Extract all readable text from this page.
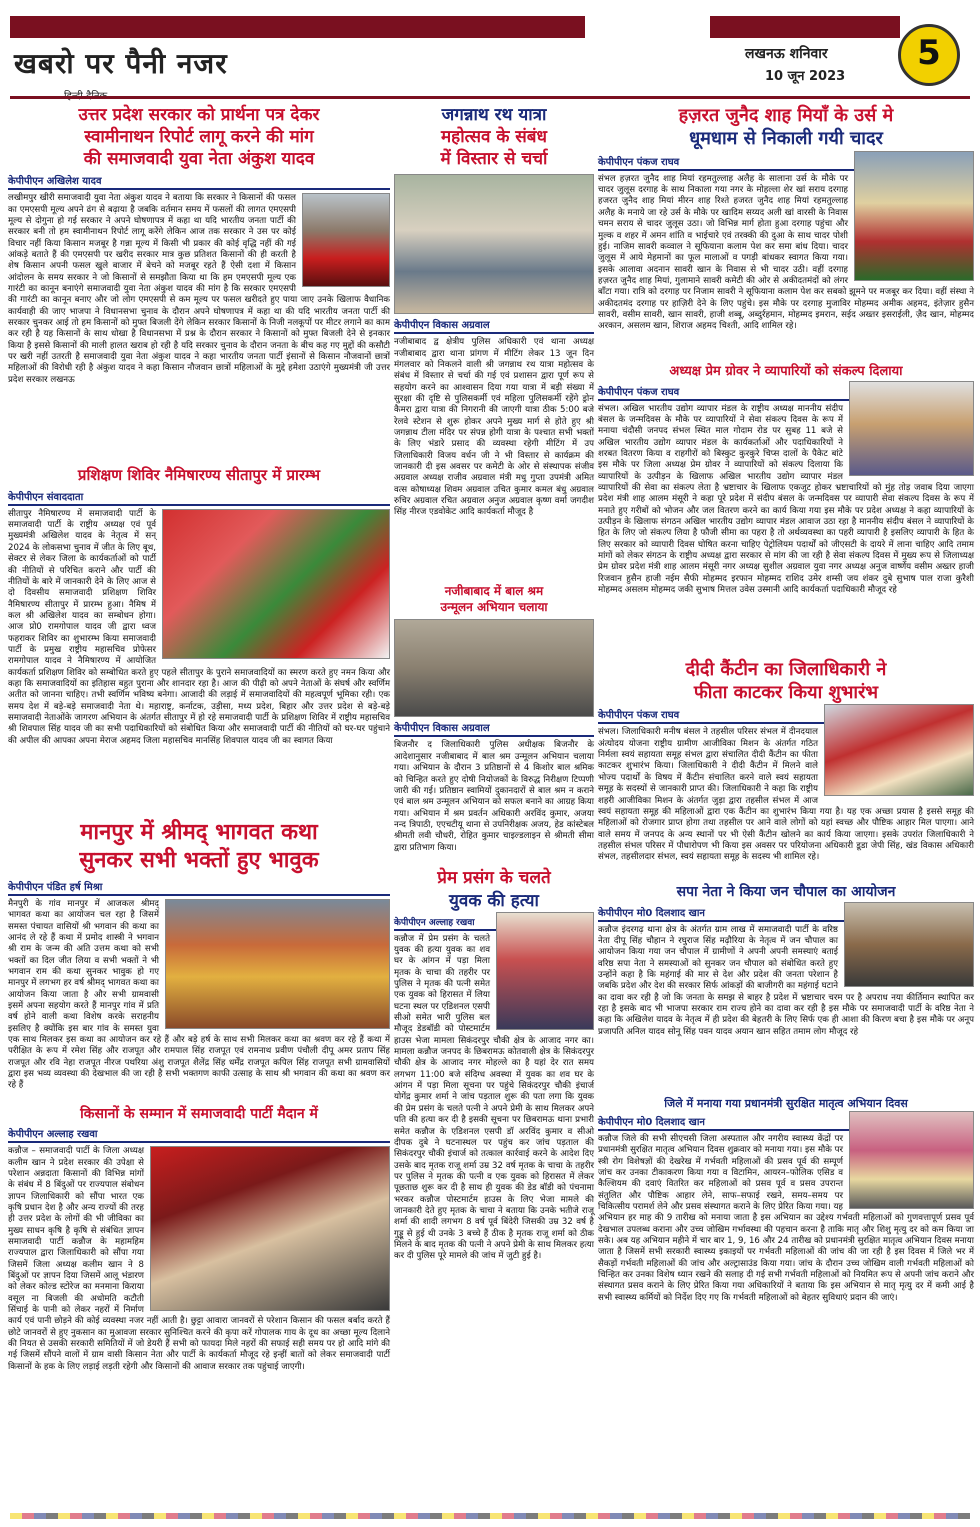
खबरो पर पैनी नजर	लखनऊ शनिवार
10 जून 2023
5
उत्तर प्रदेश सरकार को प्रार्थना पत्र देकर
स्वामीनाथन रिपोर्ट लागू करने की मांग
की समाजवादी युवा नेता अंकुश यादव
केपीपीएन अखिलेश यादव
लखीमपुर खीरी समाजवादी युवा नेता अंकुश यादव ने बताया कि सरकार ने किसानों की फसल का एमएसपी मूल्य अपने ढंग से बढ़ाया है जबकि वर्तमान समय में फसलों की लागत एमएसपी मूल्य से दोगुना हो गई सरकार ने अपने घोषणापत्र में कहा था यदि भारतीय जनता पार्टी की सरकार बनी तो हम स्वामीनाथन रिपोर्ट लागू करेंगे लेकिन आज तक सरकार ने उस पर कोई विचार नहीं किया किसान मजबूर है गन्ना मूल्य में किसी भी प्रकार की कोई वृद्धि नहीं की गई आंकड़े बताते हैं की एमएसपी पर खरीद सरकार मात्र कुछ प्रतिशत किसानों की ही करती है शेष किसान अपनी फसल खुले बाजार में बेचने को मजबूर रहते हैं ऐसी दशा में किसान आंदोलन के समय सरकार ने जो किसानों से समझौता किया था कि हम एमएसपी मूल्य एक गारंटी का कानून बनाएंगे समाजवादी युवा नेता अंकुश यादव की मांग है कि सरकार एमएसपी की गारंटी का कानून बनाए और जो लोग एमएसपी से कम मूल्य पर फसल खरीदते हुए पाया जाए उनके खिलाफ वैधानिक कार्यवाही की जाए भाजपा ने विधानसभा चुनाव के दौरान अपने घोषणापत्र में कहा था की यदि भारतीय जनता पार्टी की सरकार चुनकर आई तो हम किसानों को मुफ्त बिजली देंगे लेकिन सरकार किसानों के निजी नलकूपों पर मीटर लगाने का काम कर रही है यह किसानों के साथ धोखा है विधानसभा में प्रश्न के दौरान सरकार ने किसानों को मुफ्त बिजली देने से इनकार किया है इससे किसानों की माली हालत खराब हो रही है यदि सरकार चुनाव के दौरान जनता के बीच कह गए मुद्दों की कसौटी पर खरी नहीं उतरती है समाजवादी युवा नेता अंकुश यादव ने कहा भारतीय जनता पार्टी इंसानों से किसान नौजवानों छात्रों महिलाओं की विरोधी रही है अंकुश यादव ने कहा किसान नौजवान छात्रों महिलाओं के मुद्दे हमेशा उठाएंगे मुख्यमंत्री जी उत्तर प्रदेश सरकार लखनऊ
प्रशिक्षण शिविर नैमिषारण्य सीतापुर में प्रारम्भ
केपीपीएन संवाददाता
सीतापुर नैमिषारण्य में समाजवादी पार्टी के समाजवादी पार्टी के राष्ट्रीय अध्यक्ष एवं पूर्व मुख्यमंत्री अखिलेश यादव के नेतृत्व में सन् 2024 के लोकसभा चुनाव में जीत के लिए बूथ, सेक्टर से लेकर जिला के कार्यकर्ताओं को पार्टी की नीतियों से परिचित कराने और पार्टी की नीतियों के बारे में जानकारी देने के लिए आज से दो दिवसीय समाजवादी प्रशिक्षण शिविर नैमिषारण्य सीतापुर में प्रारम्भ हुआ। नैमिष में कल श्री अखिलेश यादव का सम्बोधन होगा। आज प्रो0 रामगोपाल यादव जी द्वारा ध्वज फहराकर शिविर का शुभारम्भ किया समाजवादी पार्टी के प्रमुख राष्ट्रीय महासचिव प्रोफेसर रामगोपाल यादव ने नैमिषारण्य में आयोजित कार्यकर्ता प्रशिक्षण शिविर को सम्बोधित करते हुए पहले सीतापुर के पुराने समाजवादियों का स्मरण करते हुए नमन किया और कहा कि समाजवादियों का इतिहास बहुत पुराना और शानदार रहा है। आज की पीढ़ी को अपने नेताओं के संघर्ष और स्वर्णिम अतीत को जानना चाहिए। तभी स्वर्णिम भविष्य बनेगा। आजादी की लड़ाई में समाजवादियों की महत्वपूर्ण भूमिका रही। एक समय देश में बड़े-बड़े समाजवादी नेता थे। महाराष्ट्र, कर्नाटक, उड़ीसा, मध्य प्रदेश, बिहार और उत्तर प्रदेश से बड़े-बड़े समाजवादी नेताओंके जागरण अभियान के अंतर्गत सीतापुर में हो रहे समाजवादी पार्टी के प्रशिक्षण शिविर में राष्ट्रीय महासचिव श्री शिवपाल सिंह यादव जी का सभी पदाधिकारियों को संबोधित किया और समाजवादी पार्टी की नीतियों को घर-घर पहुंचाने की अपील की आपका अपना मेराज अहमद जिला महासचिव मानसिंह शिवपाल यादव जी का स्वागत किया
मानपुर में श्रीमद् भागवत कथा
सुनकर सभी भक्तों हुए भावुक
केपीपीएन पंडित हर्ष मिश्रा
मैनपुरी के गांव मानपुर में आजकल श्रीमद् भागवत कथा का आयोजन चल रहा है जिसमें समस्त पंचायत वासियों श्री भगवान की कथा का आनंद ले रहे हैं कथा में प्रमोद शास्त्री ने भगवान श्री राम के जन्म की अति उत्तम कथा को सभी भक्तों का दिल जीत लिया व सभी भक्तों ने भी भगवान राम की कथा सुनकर भावुक हो गए मानपुर में लगभग हर वर्ष श्रीमद् भागवत कथा का आयोजन किया जाता है और सभी ग्रामवासी इसमें अपना सहयोग करते हैं मानपुर गांव में प्रति वर्ष होने वाली कथा विशेष करके सराहनीय इसलिए है क्योंकि इस बार गांव के समस्त युवा एक साथ मिलकर इस कथा का आयोजन कर रहे हैं और बड़े हर्ष के साथ सभी मिलकर कथा का श्रवण कर रहे हैं कथा में परीक्षित के रूप में रमेश सिंह और राजपूत और रामपाल सिंह राजपूत एवं रामनाथ प्रवीण पंचौली दीपू अमर प्रताप सिंह राजपूत और रवि नेहा राजपूत नीरज पथरिया अंशु राजपूत शैलेंद्र सिंह धर्मेंद्र राजपूत कपिल सिंह राजपूत सभी ग्रामवासियों द्वारा इस भव्य व्यवस्था की देखभाल की जा रही है सभी भक्तगण काफी उत्साह के साथ श्री भगवान की कथा का श्रवण कर रहे हैं
किसानों के सम्मान में समाजवादी पार्टी मैदान में
केपीपीएन अल्लाह रखवा
कन्नौज – समाजवादी पार्टी के जिला अध्यक्ष कलीम खान ने प्रदेश सरकार की उपेक्षा से परेशान अन्नदाता किसानों की विभिन्न मांगों के संबंध में 8 बिंदुओं पर राज्यपाल संबोधन ज्ञापन जिलाधिकारी को सौंपा भारत एक कृषि प्रधान देश है और अन्य राज्यों की तरह ही उत्तर प्रदेश के लोगों की भी जीविका का मुख्य साधन कृषि है कृषि से संबंधित ज्ञापन समाजवादी पार्टी कन्नौज के महामहिम राज्यपाल द्वारा जिलाधिकारी को सौंपा गया जिसमें जिला अध्यक्ष कलीम खान ने 8 बिंदुओं पर ज्ञापन दिया जिसमें आलू भंडारण को लेकर कोल्ड स्टोरेज का मनमाना किराया वसूल ना बिजली की अधोमति कटौती सिंचाई के पानी को लेकर नहरों में निर्माण कार्य एवं पानी छोड़ने की कोई व्यवस्था नजर नहीं आती है। छुट्टा आवारा जानवरों से परेशान किसान की फसल बर्बाद करते हैं छोटे जानवरों से हुए नुकसान का मुआवजा सरकार सुनिश्चित करने की कृपा करें गोपालक गाय के दूध का अच्छा मूल्य दिलाने की नियत से उसकी सरकारी समितियों में जो डेयरी हैं सभी को फायदा मिले नहरों की सफाई सही समय पर हो आदि मांगे की गई जिसमें सौंपने वालों में ग्राम वासी किसान नेता और पार्टी के कार्यकर्ता मौजूद रहे इन्हीं बातों को लेकर समाजवादी पार्टी किसानों के हक के लिए लड़ाई लड़ती रहेगी और किसानों की आवाज सरकार तक पहुंचाई जाएगी।
जगन्नाथ रथ यात्रा
महोत्सव के संबंध
में विस्तार से चर्चा
केपीपीएन विकास अग्रवाल
नजीबाबाद द्व क्षेत्रीय पुलिस अधिकारी एवं थाना अध्यक्ष नजीबाबाद द्वारा थाना प्रांगण में मीटिंग लेकर 13 जून दिन मंगलवार को निकलने वाली श्री जगन्नाथ रथ यात्रा महोत्सव के संबंध में विस्तार से चर्चा की गई एवं प्रशासन द्वारा पूर्ण रूप से सहयोग करने का आश्वासन दिया गया यात्रा में बड़ी संख्या में सुरक्षा की दृष्टि से पुलिसकर्मी एवं महिला पुलिसकर्मी रहेंगे ड्रोन कैमरा द्वारा यात्रा की निगरानी की जाएगी यात्रा ठीक 5:00 बजे रेलवे स्टेशन से शुरू होकर अपने मुख्य मार्ग से होते हुए श्री जगन्नाथ टीला मंदिर पर संपन्न होगी यात्रा के पश्चात सभी भक्तों के लिए भंडारे प्रसाद की व्यवस्था रहेगी मीटिंग में उप जिलाधिकारी विजय वर्धन जी ने भी विस्तार से कार्यक्रम की जानकारी दी इस अवसर पर कमेटी के ओर से संस्थापक संजीव अग्रवाल अध्यक्ष राजीव अग्रवाल मंत्री मधु गुप्ता उपमंत्री अमित वत्स कोषाध्यक्ष शिवम अग्रवाल उचित कुमार कमल बंधु अग्रवाल रुचिर अग्रवाल रचित अग्रवाल अनुज अग्रवाल कृष्ण वर्मा जगदीश सिंह नीरज एडवोकेट आदि कार्यकर्ता मौजूद है
नजीबाबाद में बाल श्रम
उन्मूलन अभियान चलाया
केपीपीएन विकास अग्रवाल
बिजनौर द जिलाधिकारी पुलिस अधीक्षक बिजनौर के आदेशानुसार नजीबाबाद में बाल श्रम उन्मूलन अभियान चलाया गया। अभियान के दौरान 3 प्रतिष्ठानों से 4 किशोर बाल श्रमिक को चिन्हित करते हुए दोषी नियोजकों के विरुद्ध निरीक्षण टिप्पणी जारी की गई। प्रतिष्ठान स्वामियों दुकानदारों से बाल श्रम न कराने एवं बाल श्रम उन्मूलन अभियान को सफल बनाने का आग्रह किया गया। अभियान में श्रम प्रवर्तन अधिकारी अरविंद कुमार, अजया नन्द त्रिपाठी, एएचटीयू थाना से उपनिरीक्षक अजय, हेड कांस्टेबल श्रीमती लवी चौधरी, रोहित कुमार चाइल्डलाइन से श्रीमती सीमा द्वारा प्रतिभाग किया।
प्रेम प्रसंग के चलते
युवक की हत्या
केपीपीएन अल्लाह रखवा
कन्नौज में प्रेम प्रसंग के चलते युवक की हत्या युवक का शव घर के आंगन में पड़ा मिला मृतक के चाचा की तहरीर पर पुलिस ने मृतक की पत्नी समेत एक युवक को हिरासत में लिया घटना स्थल पर एडिशनल एसपी सीओ समेत भारी पुलिस बल मौजूद डेडबॉडी को पोस्टमार्टम हाउस भेजा मामला सिकंदरपुर चौकी क्षेत्र के आजाद नगर का। मामला कन्नौज जनपद के छिबरामऊ कोतवाली क्षेत्र के सिकंदरपुर चौकी क्षेत्र के आजाद नगर मोहल्ले का है यहां देर रात समय लगभग 11:00 बजे संदिग्ध अवस्था में युवक का शव घर के आंगन में पड़ा मिला सूचना पर पहुंचे सिकंदरपुर चौकी इंचार्ज योगेंद्र कुमार शर्मा ने जांच पड़ताल शुरू की पता लगा कि युवक की प्रेम प्रसंग के चलते पत्नी ने अपने प्रेमी के साथ मिलकर अपने पति की हत्या कर दी है इसकी सूचना पर छिबरामऊ थाना प्रभारी समेत कन्नौज के एडिशनल एसपी डॉ अरविंद कुमार व सीओ दीपक दुबे ने घटनास्थल पर पहुंच कर जांच पड़ताल की सिकंदरपुर चौकी इंचार्ज को तत्काल कार्रवाई करने के आदेश दिए उसके बाद मृतक राजू शर्मा उम्र 32 वर्ष मृतक के चाचा के तहरीर पर पुलिस ने मृतक की पत्नी व एक युवक को हिरासत में लेकर पूछताछ शुरू कर दी है साथ ही युवक की डेड बॉडी को पंचनामा भरकर कन्नौज पोस्टमार्टम हाउस के लिए भेजा मामले की जानकारी देते हुए मृतक के चाचा ने बताया कि उनके भतीजे राजू शर्मा की शादी लगभग 8 वर्ष पूर्व बिंदेरी जिसकी उम्र 32 वर्ष है गुड्डू से हुई थी उनके 3 बच्चे हैं ठीक है मृतक राजू शर्मा को ठीक मिलने के बाद मृतक की पत्नी ने अपने प्रेमी के साथ मिलकर हत्या कर दी पुलिस पूरे मामले की जांच में जुटी हुई है।
हज़रत जुनैद शाह मियाँ के उर्स मे
धूमधाम से निकाली गयी चादर
केपीपीएन पंकज राघव
संभल हज़रत जुनैद शाह मियां रहमतुल्लाह अलैह के सालाना उर्स के मौके पर चादर जुलूस दरगाह के साथ निकाला गया नगर के मोहल्ला शेर खां सराय दरगाह हजरत जुनैद शाह मियां मीरन शाह रिश्ते हजरत जुनैद शाह मियां रहमतुल्लाह अलैह के मनाये जा रहे उर्स के मौके पर खादिम सय्यद अली खां वारसी के निवास चमन सराय से चादर जुलूस उठा। जो विभिन्न मार्ग होता हुआ दरगाह पहुंचा और मुल्क व शहर में अमन शांति व भाईचारे एवं तरक्की की दुआ के साथ चादर पोशी हुई। नाजिम सावरी कव्वाल ने सूफियाना कलाम पेश कर समा बांध दिया। चादर जुलूस में आये मेहमानों का फूल मालाओं व पगड़ी बांधकर स्वागत किया गया। इसके आलावा अदनान सावरी खान के निवास से भी चादर उठी। वहीं दरगाह हज़रत जुनैद शाह मियां, गुलामाने सावरी कमेटी की ओर से अकीदतमंदों को लंगर बाँटा गया। रात्रि को दरगाह पर निजाम सावरी ने सूफियाना कलाम पेश कर सबको झूमने पर मजबूर कर दिया। वहीं संस्था ने अकीदतमंद दरगाह पर हाज़िरी देने के लिए पहुंचे। इस मौके पर दरगाह मुजाविर मोहम्मद अमीक अहमद, इंतेज़ार हुसैन सावरी, वसीम सावरी, खान सावरी, हाजी शब्बू, अब्दुर्रहमान, मोहम्मद इमरान, सईद अख्तर इसराईली, ज़ैद खान, मोहम्मद अरकान, असलम खान, शिराज अहमद चिश्ती, आदि शामिल रहे।
अध्यक्ष प्रेम ग्रोवर ने व्यापारियों को संकल्प दिलाया
केपीपीएन पंकज राघव
संभल। अखिल भारतीय उद्योग व्यापार मंडल के राष्ट्रीय अध्यक्ष माननीय संदीप बंसल के जन्मदिवस के मौके पर व्यापारियों ने सेवा संकल्प दिवस के रूप में मनाया चंदौसी जनपद संभल स्थित माल गोदाम रोड पर सुबह 11 बजे से अखिल भारतीय उद्योग व्यापार मंडल के कार्यकर्ताओं और पदाधिकारियों ने शरबत वितरण किया व राहगीरों को बिस्कुट कुरकुरे चिप्स दालों के पैकेट बांटे इस मौके पर जिला अध्यक्ष प्रेम ग्रोवर ने व्यापारियों को संकल्प दिलाया कि व्यापारियों के उत्पीड़न के खिलाफ अखिल भारतीय उद्योग व्यापार मंडल व्यापारियों की सेवा का संकल्प लेता है भ्रष्टाचार के खिलाफ एकजुट होकर भ्रष्टाचारियों को मुंह तोड़ जवाब दिया जाएगा प्रदेश मंत्री शाह आलम मंसूरी ने कहा पूरे प्रदेश में संदीप बंसल के जन्मदिवस पर व्यापारी सेवा संकल्प दिवस के रूप में मनाते हुए गरीबों को भोजन और जल वितरण करने का कार्य किया गया इस मौके पर प्रदेश अध्यक्ष ने कहा व्यापारियों के उत्पीड़न के खिलाफ संगठन अखिल भारतीय उद्योग व्यापार मंडल आवाज उठा रहा है माननीय संदीप बंसल ने व्यापारियों के हित के लिए जो संकल्प लिया है फौजी सीमा का पहरा है तो अर्थव्यवस्था का पहरी व्यापारी है इसलिए व्यापारी के हित के लिए सरकार को व्यापारी दिवस घोषित करना चाहिए पेट्रोलियम पदार्थों को जीएसटी के दायरे में लाना चाहिए आदि तमाम मांगों को लेकर संगठन के राष्ट्रीय अध्यक्ष द्वारा सरकार से मांग की जा रही है सेवा संकल्प दिवस में मुख्य रूप से जिलाध्यक्ष प्रेम ग्रोवर प्रदेश मंत्री शाह आलम मंसूरी नगर अध्यक्ष सुशील अग्रवाल युवा नगर अध्यक्ष अनुज वार्ष्णेय वसीम अख्तर हाजी रिजवान हुसैन हाजी नईम सैफी मोहम्मद इरफान मोहम्मद राशिद उमेर शम्सी जय शंकर दुबे सुभाष पाल राजा कुरैशी मोहम्मद असलम मोहम्मद जकी सुभाष मित्तल उवेस उस्मानी आदि कार्यकर्ता पदाधिकारी मौजूद रहे
दीदी कैंटीन का जिलाधिकारी ने
फीता काटकर किया शुभारंभ
केपीपीएन पंकज राघव
संभल। जिलाधिकारी मनीष बंसल ने तहसील परिसर संभल में दीनदयाल अंत्योदय योजना राष्ट्रीय ग्रामीण आजीविका मिशन के अंतर्गत गठित निर्मला स्वयं सहायता समूह संभल द्वारा संचालित दीदी कैंटीन का फीता काटकर शुभारंभ किया। जिलाधिकारी ने दीदी कैंटीन में मिलने वाले भोज्य पदार्थों के विषय में कैंटीन संचालित करने वाले स्वयं सहायता समूह के सदस्यों से जानकारी प्राप्त की। जिलाधिकारी ने कहा कि राष्ट्रीय शहरी आजीविका मिशन के अंतर्गत जुड़ा द्वारा तहसील संभल में आज स्वयं सहायता समूह की महिलाओं द्वारा एक कैंटीन का शुभारंभ किया गया है। यह एक अच्छा प्रयास है इससे समूह की महिलाओं को रोजगार प्राप्त होगा तथा तहसील पर आने वाले लोगों को यहां स्वच्छ और पौष्टिक आहार मिल पाएगा। आने वाले समय में जनपद के अन्य स्थानों पर भी ऐसी कैंटीन खोलने का कार्य किया जाएगा। इसके उपरांत जिलाधिकारी ने तहसील संभल परिसर में पौधारोपण भी किया इस अवसर पर परियोजना अधिकारी डूडा जेपी सिंह, खंड विकास अधिकारी संभल, तहसीलदार संभल, स्वयं सहायता समूह के सदस्य भी शामिल रहे।
सपा नेता ने किया जन चौपाल का आयोजन
केपीपीएन मो0 दिलशाद खान
कन्नौज इंदरगढ़ थाना क्षेत्र के अंतर्गत ग्राम लाख में समाजवादी पार्टी के वरिष्ठ नेता दीपू सिंह चौहान ने रघुराज सिंह मढ़ौरिया के नेतृत्व में जन चौपाल का आयोजन किया गया जन चौपाल में ग्रामीणों ने अपनी अपनी समस्याएं बताई वरिष्ठ सपा नेता ने समस्याओं को सुनकर जन चौपाल को संबोधित करते हुए उन्होंने कहा है कि महंगाई की मार से देश और प्रदेश की जनता परेशान है जबकि प्रदेश और देश की सरकार सिर्फ आंकड़ों की बाजीगरी का महंगाई घटाने का दावा कर रही है जो कि जनता के समझ से बाहर है प्रदेश में भ्रष्टाचार चरम पर है अपराध नया कीर्तिमान स्थापित कर रहा है इसके बाद भी भाजपा सरकार राम राज्य होने का दावा कर रही है इस मौके पर समाजवादी पार्टी के वरिष्ठ नेता ने कहा कि अखिलेश यादव के नेतृत्व में ही प्रदेश की बेहतरी के लिए सिर्फ एक ही आशा की किरण बचा है इस मौके पर अनूप प्रजापति अनिल यादव सोनू सिंह पवन यादव अयान खान सहित तमाम लोग मौजूद रहे
जिले में मनाया गया प्रधानमंत्री सुरक्षित मातृत्व अभियान दिवस
केपीपीएन मो0 दिलशाद खान
कन्नौज जिले की सभी सीएचसी जिला अस्पताल और नगरीय स्वास्थ्य केंद्रों पर प्रधानमंत्री सुरक्षित मातृत्व अभियान दिवस शुक्रवार को मनाया गया। इस मौके पर स्त्री रोग विशेषज्ञों की देखरेख में गर्भवती महिलाओं की प्रसव पूर्व की सम्पूर्ण जांच कर उनका टीकाकरण किया गया व विटामिन, आयरन–फोलिक एसिड व कैल्शियम की दवाएं वितरित कर महिलाओं को प्रसव पूर्व व प्रसव उपरान्त संतुलित और पौष्टिक आहार लेने, साफ–सफाई रखने, समय–समय पर चिकित्सीय परामर्श लेने और प्रसव संस्थागत कराने के लिए प्रेरित किया गया। यह अभियान हर माह की 9 तारीख को मनाया जाता है इस अभियान का उद्देश्य गर्भवती महिलाओं को गुणवत्तापूर्ण प्रसव पूर्व देखभाल उपलब्ध कराना और उच्च जोखिम गर्भावस्था की पहचान करना है ताकि मातृ और शिशु मृत्यु दर को कम किया जा सके। अब यह अभियान महीने में चार बार 1, 9, 16 और 24 तारीख को प्रधानमंत्री सुरक्षित मातृत्व अभियान दिवस मनाया जाता है जिसमें सभी सरकारी स्वास्थ्य इकाइयों पर गर्भवती महिलाओं की जांच की जा रही है इस दिवस में जिले भर में सैकड़ों गर्भवती महिलाओं की जांच और अल्ट्रासाउंड किया गया। जांच के दौरान उच्च जोखिम वाली गर्भवती महिलाओं को चिन्हित कर उनका विशेष ध्यान रखने की सलाह दी गई सभी गर्भवती महिलाओं को नियमित रूप से अपनी जांच कराने और संस्थागत प्रसव कराने के लिए प्रेरित किया गया अधिकारियों ने बताया कि इस अभियान से मातृ मृत्यु दर में कमी आई है सभी स्वास्थ्य कर्मियों को निर्देश दिए गए कि गर्भवती महिलाओं को बेहतर सुविधाएं प्रदान की जाएं।
